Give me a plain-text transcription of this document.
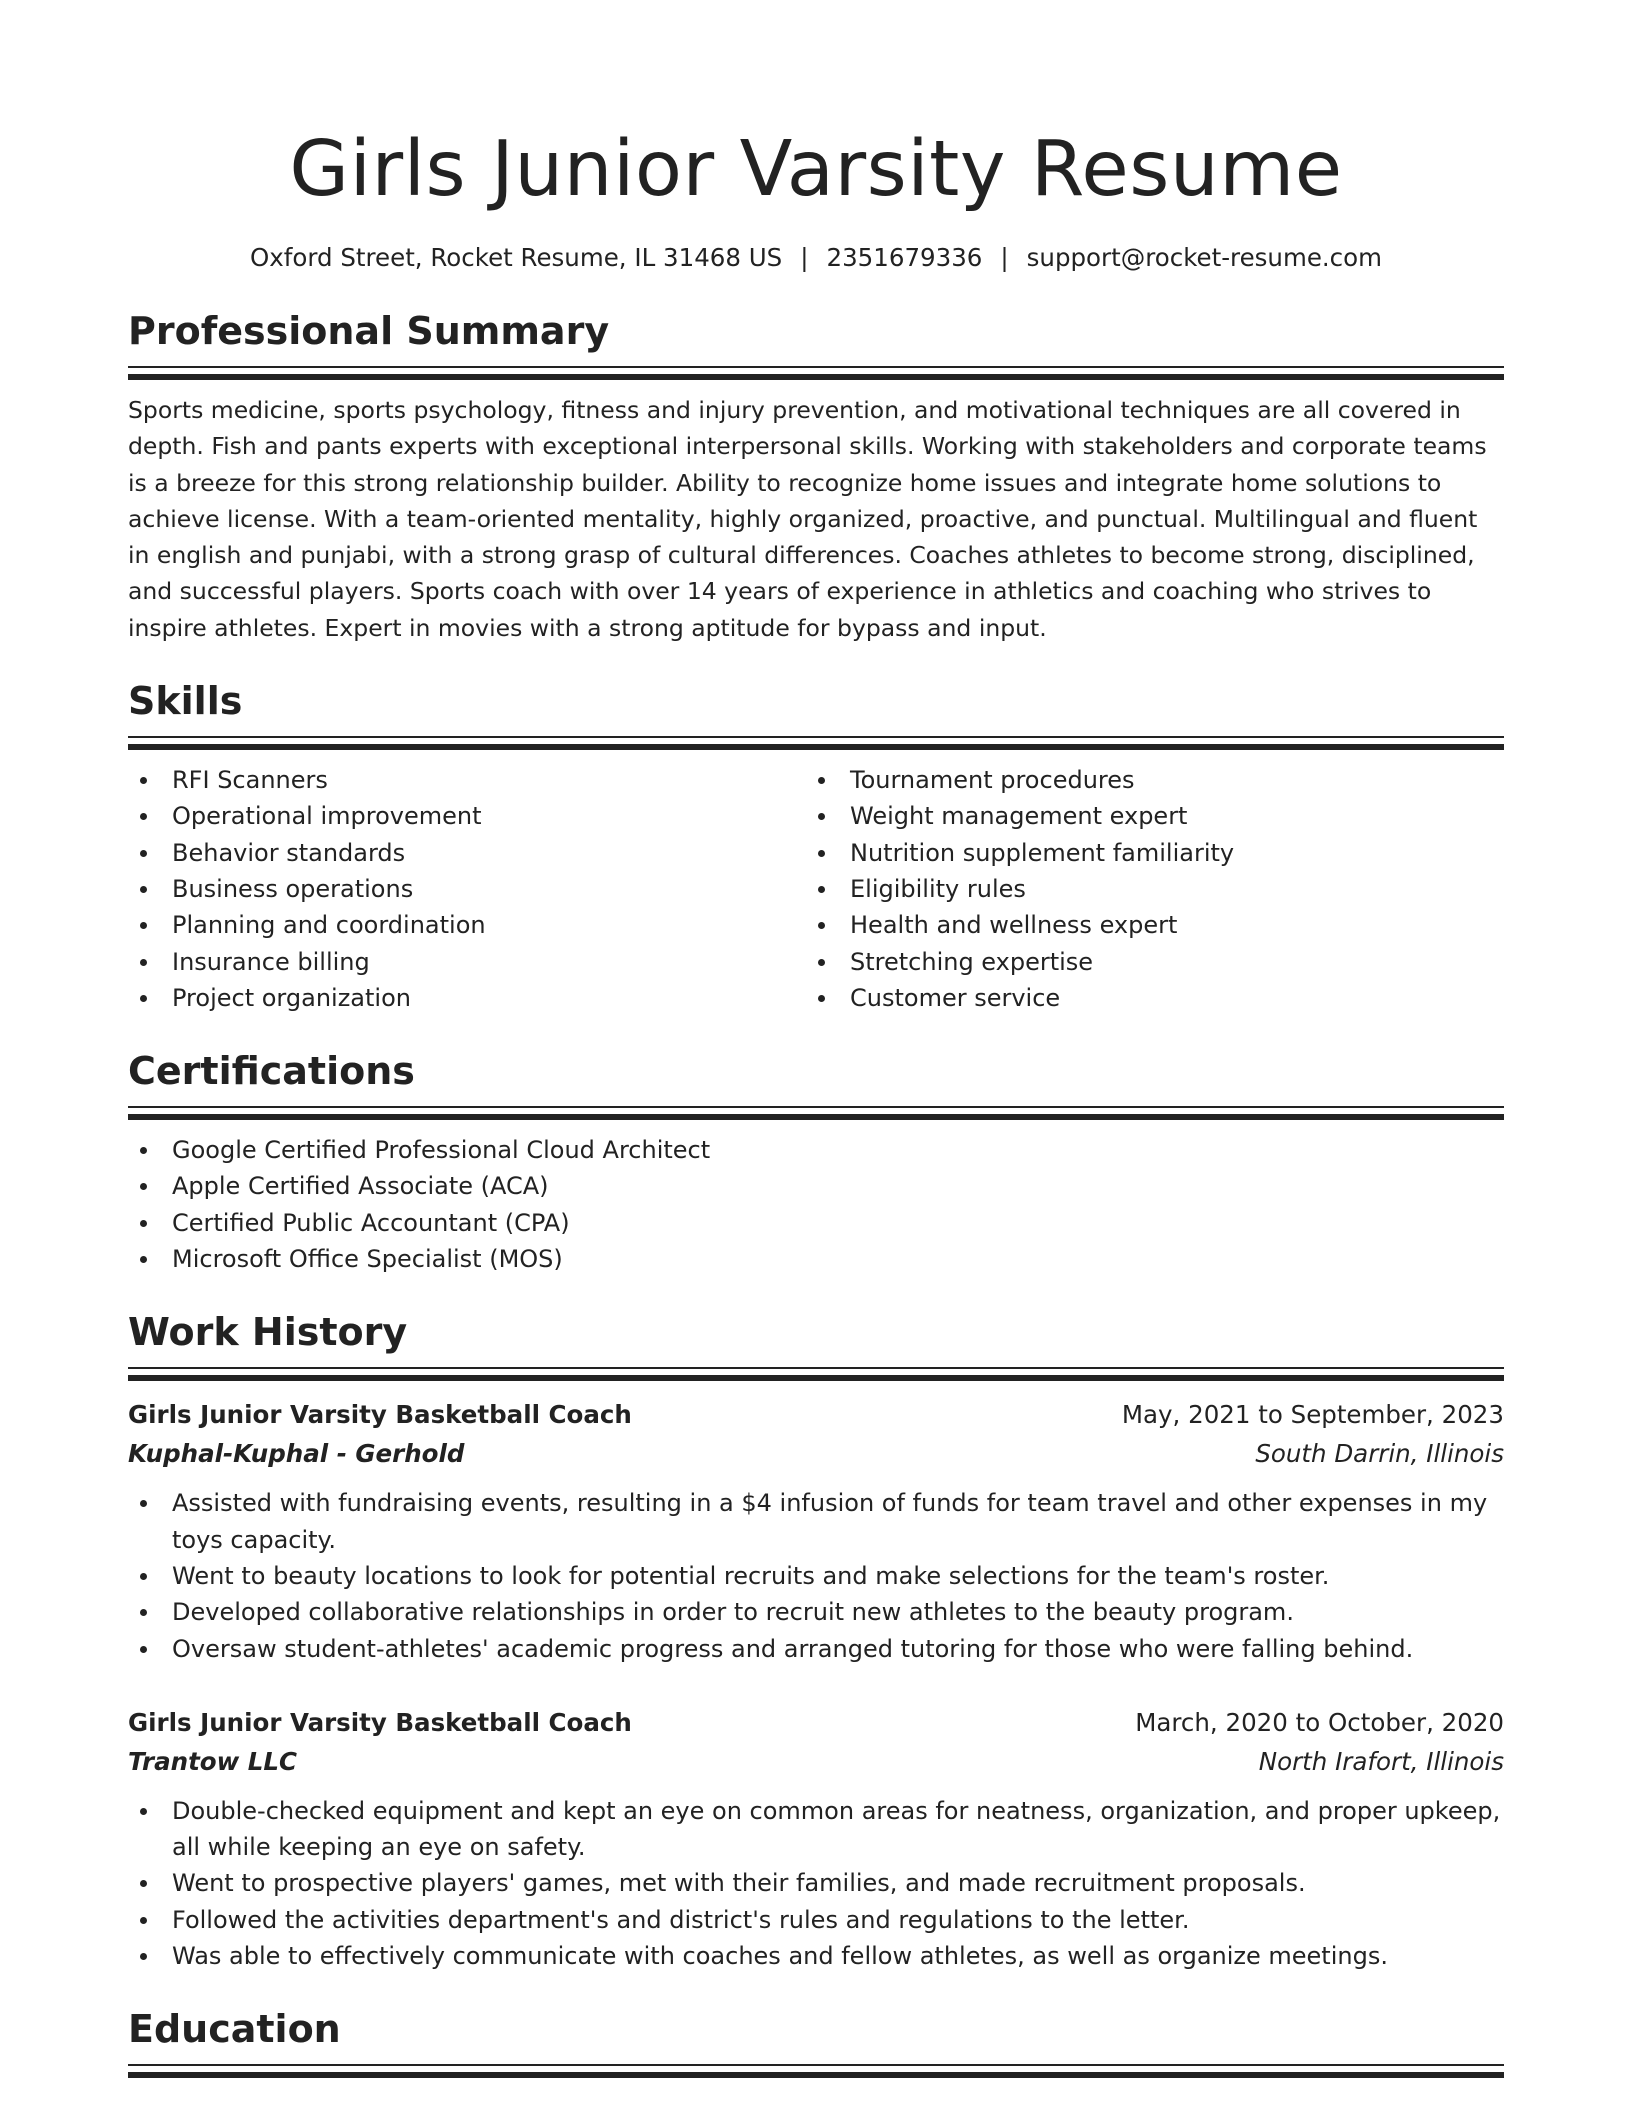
Girls Junior Varsity Resume
Oxford Street, Rocket Resume, IL 31468 US | 2351679336 | support@rocket-resume.com
Professional Summary
Sports medicine, sports psychology, fitness and injury prevention, and motivational techniques are all covered in depth. Fish and pants experts with exceptional interpersonal skills. Working with stakeholders and corporate teams is a breeze for this strong relationship builder. Ability to recognize home issues and integrate home solutions to achieve license. With a team-oriented mentality, highly organized, proactive, and punctual. Multilingual and fluent in english and punjabi, with a strong grasp of cultural differences. Coaches athletes to become strong, disciplined, and successful players. Sports coach with over 14 years of experience in athletics and coaching who strives to inspire athletes. Expert in movies with a strong aptitude for bypass and input.
Skills
RFI Scanners
Operational improvement
Behavior standards
Business operations
Planning and coordination
Insurance billing
Project organization
Tournament procedures
Weight management expert
Nutrition supplement familiarity
Eligibility rules
Health and wellness expert
Stretching expertise
Customer service
Certifications
Google Certified Professional Cloud Architect
Apple Certified Associate (ACA)
Certified Public Accountant (CPA)
Microsoft Office Specialist (MOS)
Work History
Girls Junior Varsity Basketball Coach	May, 2021 to September, 2023
Kuphal-Kuphal - Gerhold	South Darrin, Illinois
Assisted with fundraising events, resulting in a $4 infusion of funds for team travel and other expenses in my toys capacity.
Went to beauty locations to look for potential recruits and make selections for the team's roster.
Developed collaborative relationships in order to recruit new athletes to the beauty program.
Oversaw student-athletes' academic progress and arranged tutoring for those who were falling behind.
Girls Junior Varsity Basketball Coach	March, 2020 to October, 2020
Trantow LLC	North Irafort, Illinois
Double-checked equipment and kept an eye on common areas for neatness, organization, and proper upkeep, all while keeping an eye on safety.
Went to prospective players' games, met with their families, and made recruitment proposals.
Followed the activities department's and district's rules and regulations to the letter.
Was able to effectively communicate with coaches and fellow athletes, as well as organize meetings.
Education
